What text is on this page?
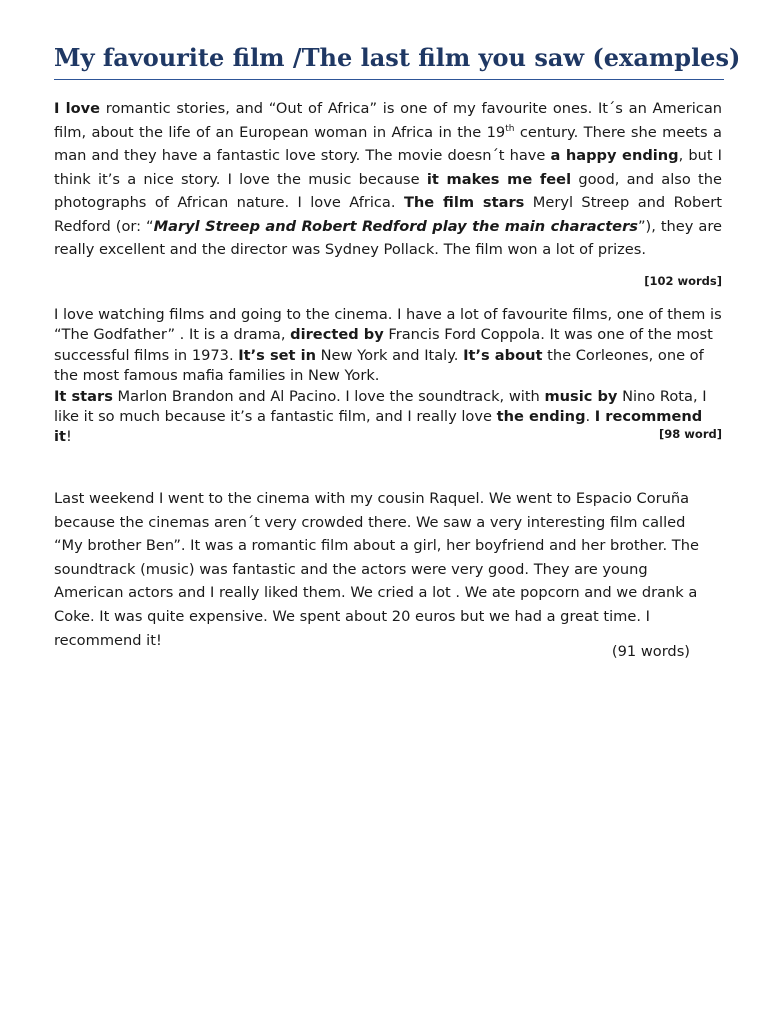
My favourite film /The last film you saw (examples)

I love romantic stories, and “Out of Africa” is one of my favourite ones. It´s an American film, about the life of an European woman in Africa in the 19th century. There she meets a man and they have a fantastic love story. The movie doesn´t have a happy ending, but I think it’s a nice story. I love the music because it makes me feel good, and also the photographs of African nature. I love Africa. The film stars Meryl Streep and Robert Redford (or: “Maryl Streep and Robert Redford play the main characters”), they are really excellent and the director was Sydney Pollack. The film won a lot of prizes.

[102 words]

I love watching films and going to the cinema. I have a lot of favourite films, one of them is “The Godfather” . It is a drama, directed by Francis Ford Coppola. It was one of the most successful films in 1973. It’s set in New York and Italy. It’s about the Corleones, one of the most famous mafia families in New York.
It stars Marlon Brandon and Al Pacino. I love the soundtrack, with music by Nino Rota, I like it so much because it’s a fantastic film, and I really love the ending. I recommend it!	[98 word]

Last weekend I went to the cinema with my cousin Raquel. We went to Espacio Coruña because the cinemas aren´t very crowded there. We saw a very interesting film called “My brother Ben”. It was a romantic film about a girl, her boyfriend and her brother. The soundtrack (music) was fantastic and the actors were very good. They are young American actors and I really liked them. We cried a lot . We ate popcorn and we drank a Coke. It was quite expensive. We spent about 20 euros but we had a great time. I recommend it!

(91 words)
